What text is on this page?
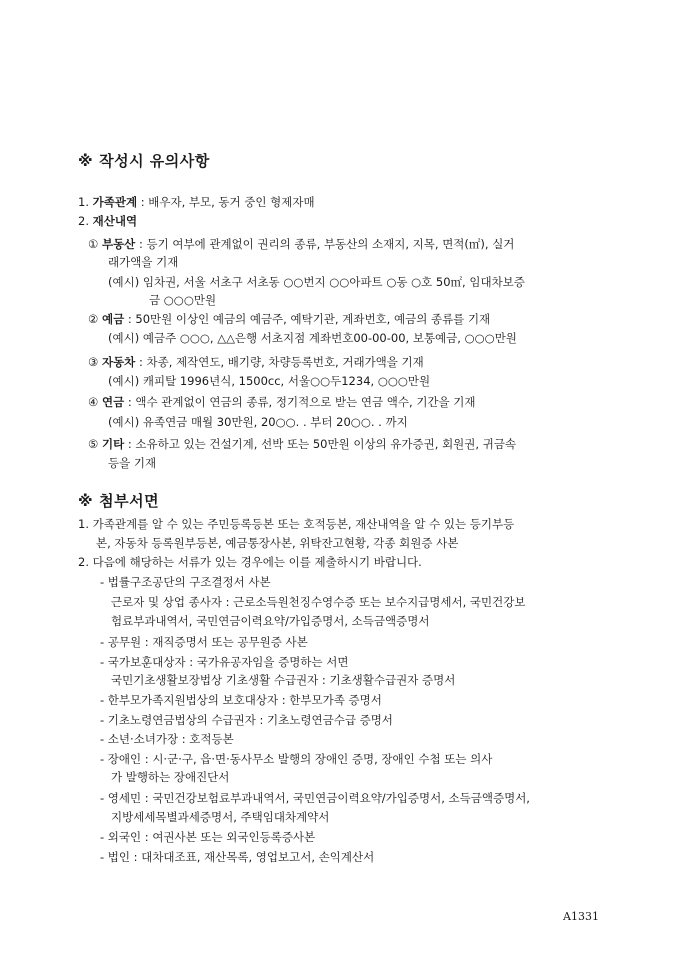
※ 작성시 유의사항
1. 가족관계 : 배우자, 부모, 동거 중인 형제자매
2. 재산내역
① 부동산 : 등기 여부에 관계없이 권리의 종류, 부동산의 소재지, 지목, 면적(㎡), 실거
래가액을 기재
(예시) 임차권, 서울 서초구 서초동 ○○번지 ○○아파트 ○동 ○호 50㎡, 임대차보증
금 ○○○만원
② 예금 : 50만원 이상인 예금의 예금주, 예탁기관, 계좌번호, 예금의 종류를 기재
(예시) 예금주 ○○○, △△은행 서초지점 계좌번호00-00-00, 보통예금, ○○○만원
③ 자동차 : 차종, 제작연도, 배기량, 차량등록번호, 거래가액을 기재
(예시) 캐피탈 1996년식, 1500cc, 서울○○두1234, ○○○만원
④ 연금 : 액수 관계없이 연금의 종류, 정기적으로 받는 연금 액수, 기간을 기재
(예시) 유족연금 매월 30만원, 20○○. . 부터 20○○. . 까지
⑤ 기타 : 소유하고 있는 건설기계, 선박 또는 50만원 이상의 유가증권, 회원권, 귀금속
등을 기재
※ 첨부서면
1. 가족관계를 알 수 있는 주민등록등본 또는 호적등본, 재산내역을 알 수 있는 등기부등
본, 자동차 등록원부등본, 예금통장사본, 위탁잔고현황, 각종 회원증 사본
2. 다음에 해당하는 서류가 있는 경우에는 이를 제출하시기 바랍니다.
- 법률구조공단의 구조결정서 사본
근로자 및 상업 종사자 : 근로소득원천징수영수증 또는 보수지급명세서, 국민건강보
험료부과내역서, 국민연금이력요약/가입증명서, 소득금액증명서
- 공무원 : 재직증명서 또는 공무원증 사본
- 국가보훈대상자 : 국가유공자임을 증명하는 서면
국민기초생활보장법상 기초생활 수급권자 : 기초생활수급권자 증명서
- 한부모가족지원법상의 보호대상자 : 한부모가족 증명서
- 기초노령연금법상의 수급권자 : 기초노령연금수급 증명서
- 소년·소녀가장 : 호적등본
- 장애인 : 시·군·구, 읍·면·동사무소 발행의 장애인 증명, 장애인 수첩 또는 의사
가 발행하는 장애진단서
- 영세민 : 국민건강보험료부과내역서, 국민연금이력요약/가입증명서, 소득금액증명서,
지방세세목별과세증명서, 주택임대차계약서
- 외국인 : 여권사본 또는 외국인등록증사본
- 법인 : 대차대조표, 재산목록, 영업보고서, 손익계산서
A1331
